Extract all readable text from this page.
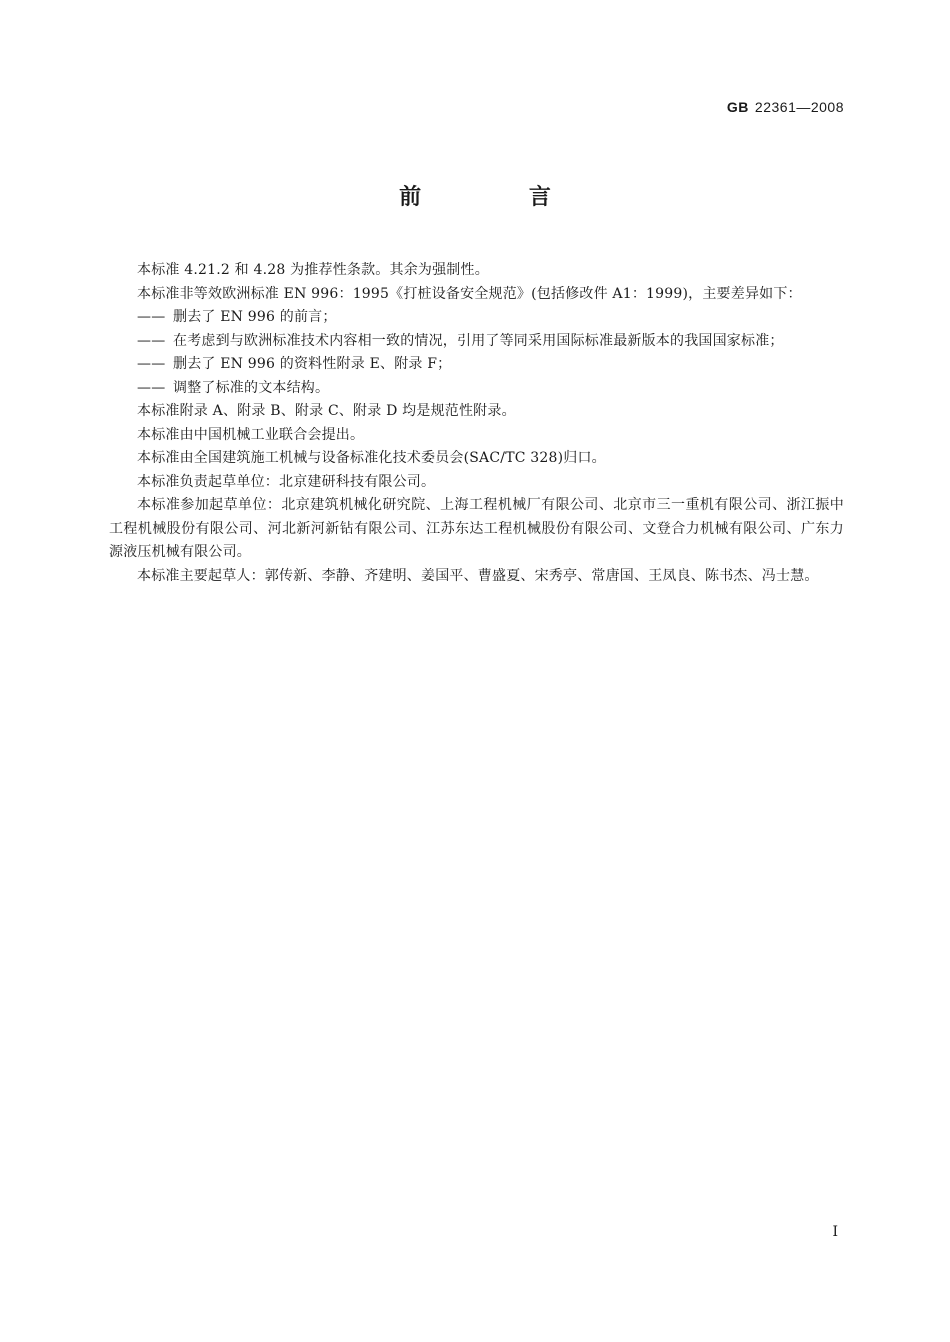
GB 22361—2008
前 言

本标准 4.21.2 和 4.28 为推荐性条款。其余为强制性。

本标准非等效欧洲标准 EN 996：1995《打桩设备安全规范》(包括修改件 A1：1999)，主要差异如下：

—— 删去了 EN 996 的前言；

—— 在考虑到与欧洲标准技术内容相一致的情况，引用了等同采用国际标准最新版本的我国国家标准；

—— 删去了 EN 996 的资料性附录 E、附录 F；

—— 调整了标准的文本结构。

本标准附录 A、附录 B、附录 C、附录 D 均是规范性附录。

本标准由中国机械工业联合会提出。

本标准由全国建筑施工机械与设备标准化技术委员会(SAC/TC 328)归口。

本标准负责起草单位：北京建研科技有限公司。

本标准参加起草单位：北京建筑机械化研究院、上海工程机械厂有限公司、北京市三一重机有限公司、浙江振中工程机械股份有限公司、河北新河新钻有限公司、江苏东达工程机械股份有限公司、文登合力机械有限公司、广东力源液压机械有限公司。

本标准主要起草人：郭传新、李静、齐建明、姜国平、曹盛夏、宋秀亭、常唐国、王凤良、陈书杰、冯士慧。

I
